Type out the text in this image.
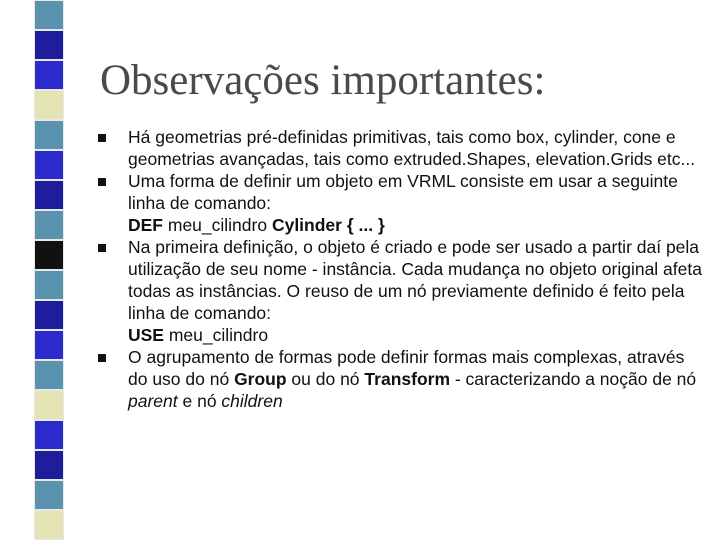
Observações importantes:
Há geometrias pré-definidas primitivas, tais como box, cylinder, cone e geometrias avançadas, tais como extruded.Shapes, elevation.Grids etc...
Uma forma de definir um objeto em VRML consiste em usar a seguinte linha de comando:
DEF meu_cilindro Cylinder { ... }
Na primeira definição, o objeto é criado e pode ser usado a partir daí pela utilização de seu nome - instância. Cada mudança no objeto original afeta todas as instâncias. O reuso de um nó previamente definido é feito pela linha de comando:
USE meu_cilindro
O agrupamento de formas pode definir formas mais complexas, através do uso do nó Group ou do nó Transform - caracterizando a noção de nó parent e nó children
